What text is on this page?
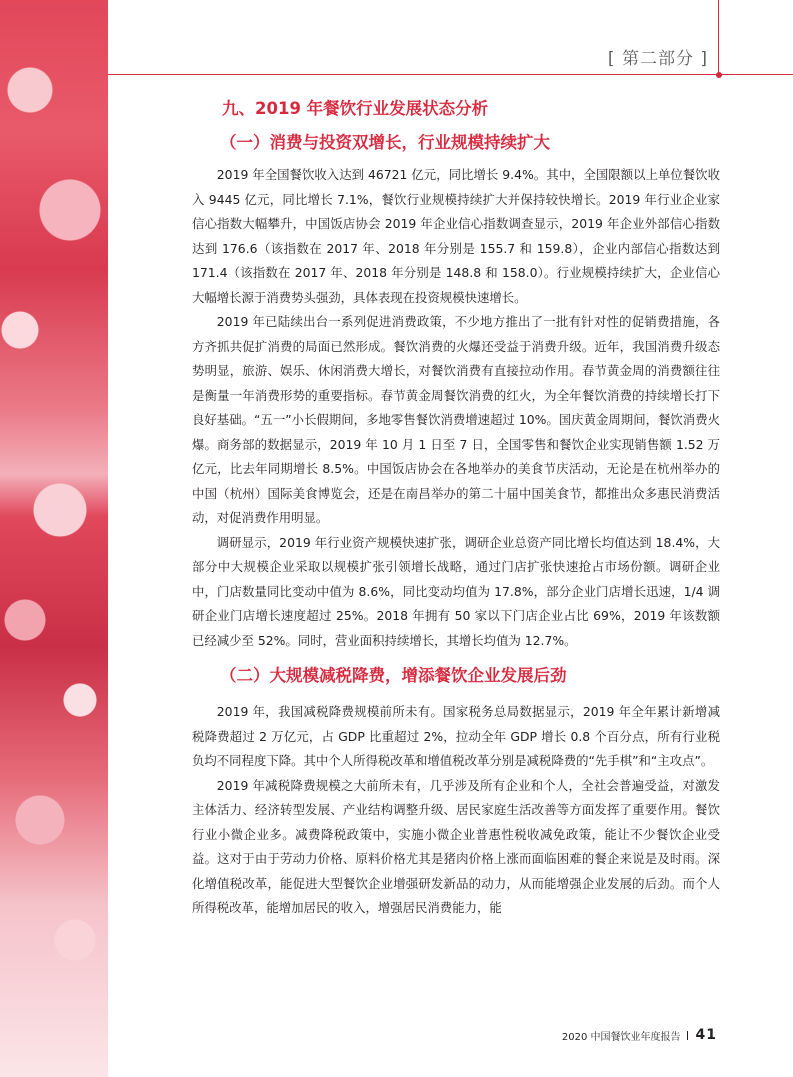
[ 第二部分 ]
九、2019 年餐饮行业发展状态分析
（一）消费与投资双增长，行业规模持续扩大

2019 年全国餐饮收入达到 46721 亿元，同比增长 9.4%。其中，全国限额以上单位餐饮收入 9445 亿元，同比增长 7.1%，餐饮行业规模持续扩大并保持较快增长。2019 年行业企业家信心指数大幅攀升，中国饭店协会 2019 年企业信心指数调查显示，2019 年企业外部信心指数达到 176.6（该指数在 2017 年、2018 年分别是 155.7 和 159.8），企业内部信心指数达到 171.4（该指数在 2017 年、2018 年分别是 148.8 和 158.0）。行业规模持续扩大，企业信心大幅增长源于消费势头强劲，具体表现在投资规模快速增长。

2019 年已陆续出台一系列促进消费政策，不少地方推出了一批有针对性的促销费措施，各方齐抓共促扩消费的局面已然形成。餐饮消费的火爆还受益于消费升级。近年，我国消费升级态势明显，旅游、娱乐、休闲消费大增长，对餐饮消费有直接拉动作用。春节黄金周的消费额往往是衡量一年消费形势的重要指标。春节黄金周餐饮消费的红火，为全年餐饮消费的持续增长打下良好基础。“五一”小长假期间，多地零售餐饮消费增速超过 10%。国庆黄金周期间，餐饮消费火爆。商务部的数据显示，2019 年 10 月 1 日至 7 日，全国零售和餐饮企业实现销售额 1.52 万亿元，比去年同期增长 8.5%。中国饭店协会在各地举办的美食节庆活动，无论是在杭州举办的中国（杭州）国际美食博览会，还是在南昌举办的第二十届中国美食节，都推出众多惠民消费活动，对促消费作用明显。

调研显示，2019 年行业资产规模快速扩张，调研企业总资产同比增长均值达到 18.4%，大部分中大规模企业采取以规模扩张引领增长战略，通过门店扩张快速抢占市场份额。调研企业中，门店数量同比变动中值为 8.6%，同比变动均值为 17.8%，部分企业门店增长迅速，1/4 调研企业门店增长速度超过 25%。2018 年拥有 50 家以下门店企业占比 69%，2019 年该数额已经减少至 52%。同时，营业面积持续增长，其增长均值为 12.7%。

（二）大规模减税降费，增添餐饮企业发展后劲

2019 年，我国减税降费规模前所未有。国家税务总局数据显示，2019 年全年累计新增减税降费超过 2 万亿元，占 GDP 比重超过 2%，拉动全年 GDP 增长 0.8 个百分点，所有行业税负均不同程度下降。其中个人所得税改革和增值税改革分别是减税降费的“先手棋”和“主攻点”。

2019 年减税降费规模之大前所未有，几乎涉及所有企业和个人，全社会普遍受益，对激发主体活力、经济转型发展、产业结构调整升级、居民家庭生活改善等方面发挥了重要作用。餐饮行业小微企业多。减费降税政策中，实施小微企业普惠性税收减免政策，能让不少餐饮企业受益。这对于由于劳动力价格、原料价格尤其是猪肉价格上涨而面临困难的餐企来说是及时雨。深化增值税改革，能促进大型餐饮企业增强研发新品的动力，从而能增强企业发展的后劲。而个人所得税改革，能增加居民的收入，增强居民消费能力，能

2020 中国餐饮业年度报告 41
